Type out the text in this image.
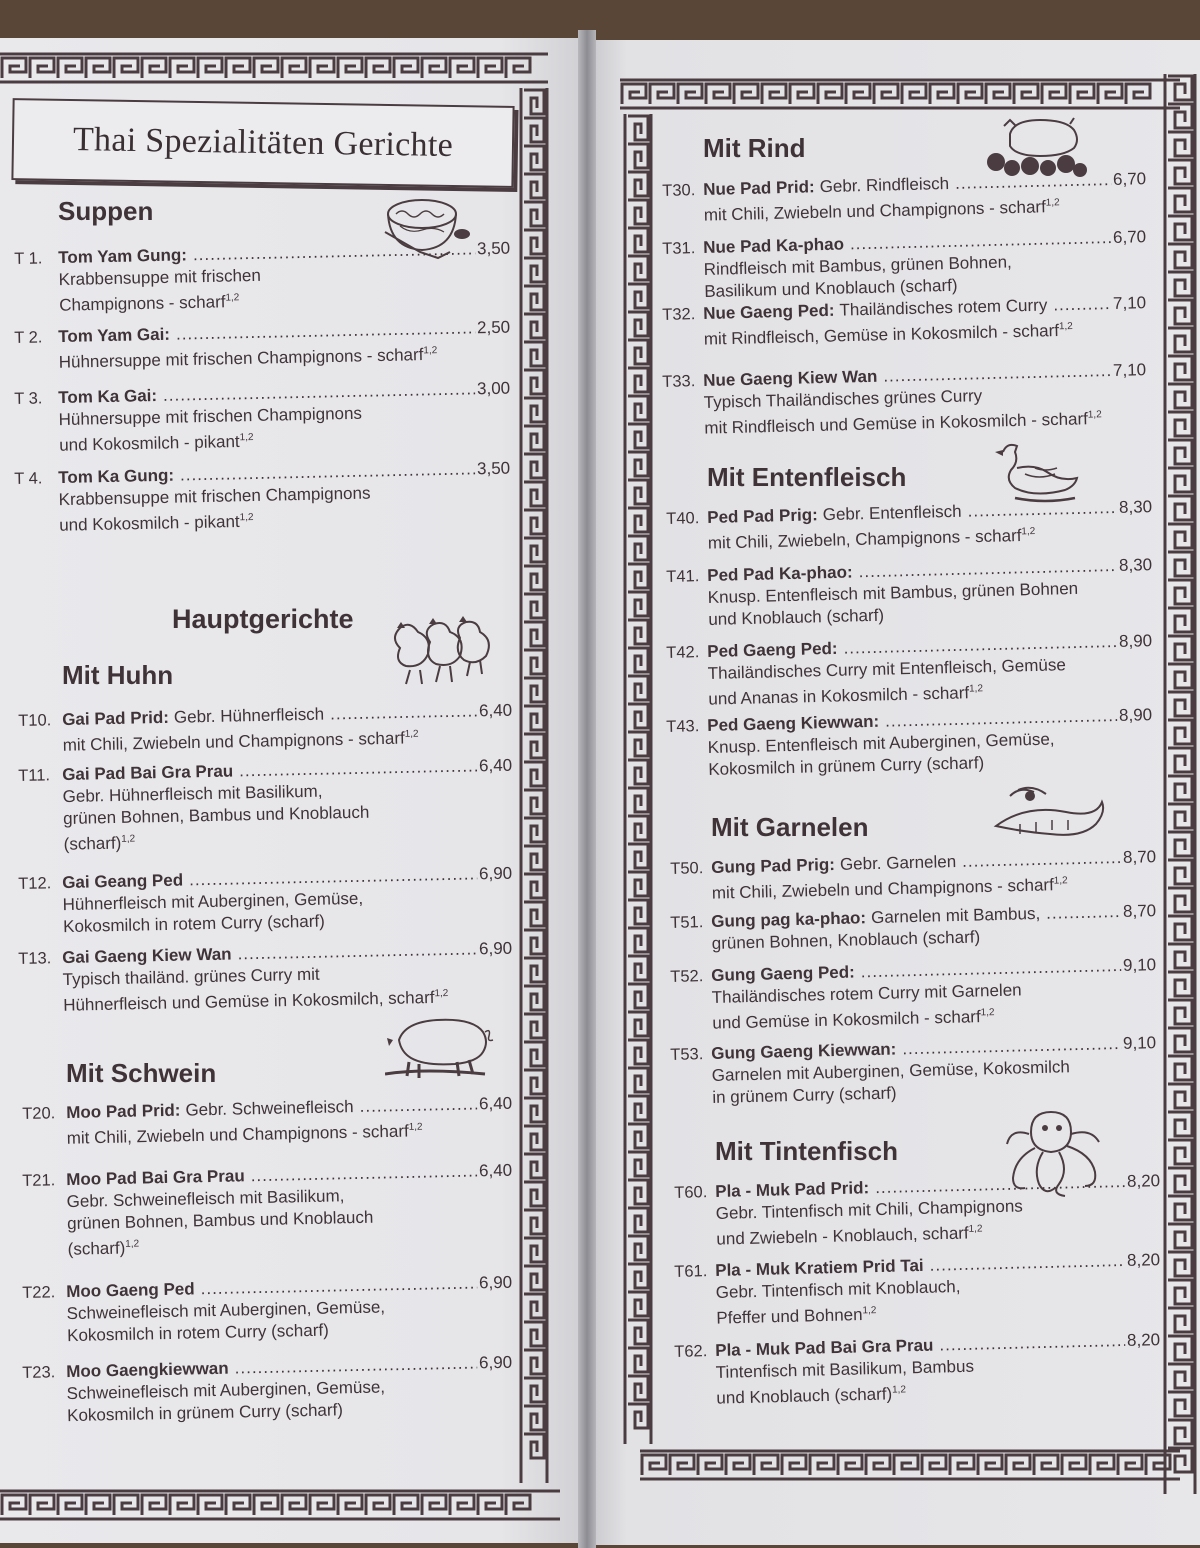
Thai Spezialitäten Gerichte
Suppen
T 1. Tom Yam Gung: .....	3,50
Krabbensuppe mit frischen
Champignons - scharf$^{1,2}$
T 2. Tom Yam Gai: .....	2,50
Hühnersuppe mit frischen Champignons - scharf$^{1,2}$
T 3. Tom Ka Gai: .....	3,00
Hühnersuppe mit frischen Champignons
und Kokosmilch - pikant$^{1,2}$
T 4. Tom Ka Gung: .....	3,50
Krabbensuppe mit frischen Champignons
und Kokosmilch - pikant$^{1,2}$
Hauptgerichte
Mit Huhn
T10. Gai Pad Prid: Gebr. Hühnerfleisch .....	6,40
mit Chili, Zwiebeln und Champignons - scharf$^{1,2}$
T11. Gai Pad Bai Gra Prau .....	6,40
Gebr. Hühnerfleisch mit Basilikum,
grünen Bohnen, Bambus und Knoblauch
(scharf)$^{1,2}$
T12. Gai Geang Ped .....	6,90
Hühnerfleisch mit Auberginen, Gemüse,
Kokosmilch in rotem Curry (scharf)
T13. Gai Gaeng Kiew Wan .....	6,90
Typisch thailänd. grünes Curry mit
Hühnerfleisch und Gemüse in Kokosmilch, scharf$^{1,2}$
Mit Schwein
T20. Moo Pad Prid: Gebr. Schweinefleisch .....	6,40
mit Chili, Zwiebeln und Champignons - scharf$^{1,2}$
T21. Moo Pad Bai Gra Prau .....	6,40
Gebr. Schweinefleisch mit Basilikum,
grünen Bohnen, Bambus und Knoblauch
(scharf)$^{1,2}$
T22. Moo Gaeng Ped .....	6,90
Schweinefleisch mit Auberginen, Gemüse,
Kokosmilch in rotem Curry (scharf)
T23. Moo Gaengkiewwan .....	6,90
Schweinefleisch mit Auberginen, Gemüse,
Kokosmilch in grünem Curry (scharf)
Mit Rind
T30. Nue Pad Prid: Gebr. Rindfleisch .....	6,70
mit Chili, Zwiebeln und Champignons - scharf$^{1,2}$
T31. Nue Pad Ka-phao .....	6,70
Rindfleisch mit Bambus, grünen Bohnen,
Basilikum und Knoblauch (scharf)
T32. Nue Gaeng Ped: Thailändisches rotem Curry .....	7,10
mit Rindfleisch, Gemüse in Kokosmilch - scharf$^{1,2}$
T33. Nue Gaeng Kiew Wan .....	7,10
Typisch Thailändisches grünes Curry
mit Rindfleisch und Gemüse in Kokosmilch - scharf$^{1,2}$
Mit Entenfleisch
T40. Ped Pad Prig: Gebr. Entenfleisch .....	8,30
mit Chili, Zwiebeln, Champignons - scharf$^{1,2}$
T41. Ped Pad Ka-phao: .....	8,30
Knusp. Entenfleisch mit Bambus, grünen Bohnen
und Knoblauch (scharf)
T42. Ped Gaeng Ped: .....	8,90
Thailändisches Curry mit Entenfleisch, Gemüse
und Ananas in Kokosmilch - scharf$^{1,2}$
T43. Ped Gaeng Kiewwan: .....	8,90
Knusp. Entenfleisch mit Auberginen, Gemüse,
Kokosmilch in grünem Curry (scharf)
Mit Garnelen
T50. Gung Pad Prig: Gebr. Garnelen .....	8,70
mit Chili, Zwiebeln und Champignons - scharf$^{1,2}$
T51. Gung pag ka-phao: Garnelen mit Bambus, .....	8,70
grünen Bohnen, Knoblauch (scharf)
T52. Gung Gaeng Ped: .....	9,10
Thailändisches rotem Curry mit Garnelen
und Gemüse in Kokosmilch - scharf$^{1,2}$
T53. Gung Gaeng Kiewwan: .....	9,10
Garnelen mit Auberginen, Gemüse, Kokosmilch
in grünem Curry (scharf)
Mit Tintenfisch
T60. Pla - Muk Pad Prid: .....	8,20
Gebr. Tintenfisch mit Chili, Champignons
und Zwiebeln - Knoblauch, scharf$^{1,2}$
T61. Pla - Muk Kratiem Prid Tai .....	8,20
Gebr. Tintenfisch mit Knoblauch,
Pfeffer und Bohnen$^{1,2}$
T62. Pla - Muk Pad Bai Gra Prau .....	8,20
Tintenfisch mit Basilikum, Bambus
und Knoblauch (scharf)$^{1,2}$
